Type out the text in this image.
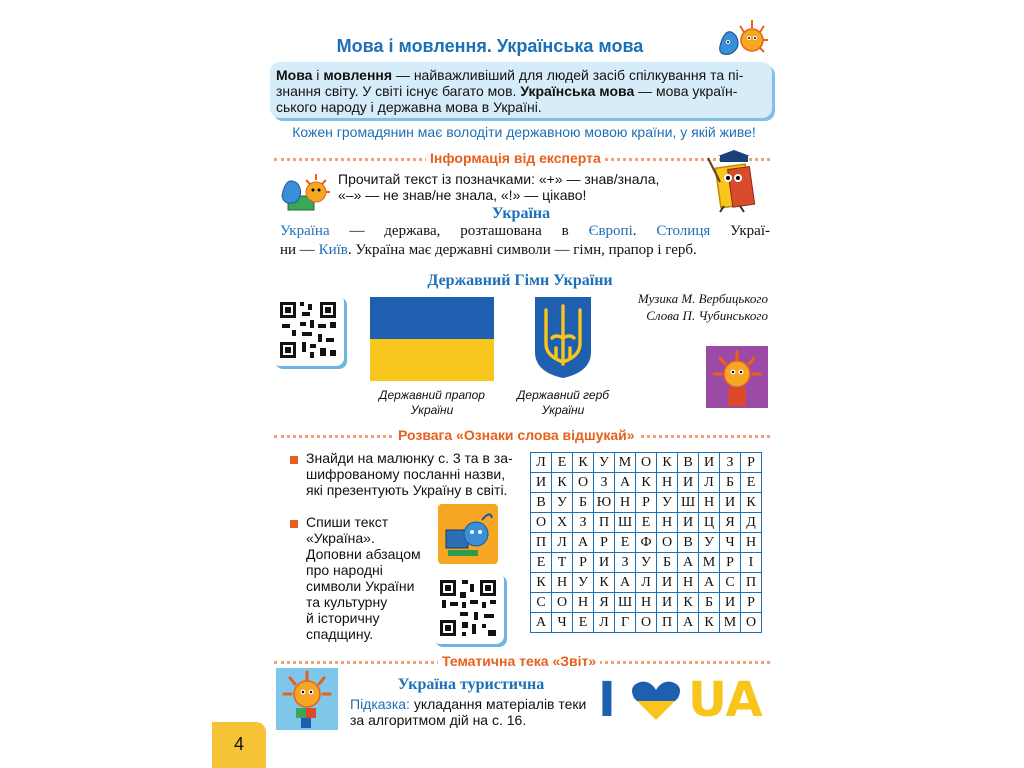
Мова і мовлення. Українська мова
Мова і мовлення — найважливіший для людей засіб спілкування та пі-
знання світу. У світі існує багато мов. Українська мова — мова україн-
ського народу і державна мова в Україні.
Кожен громадянин має володіти державною мовою країни, у якій живе!
Інформація від експерта
Прочитай текст із позначками: «+» — знав/знала,
«–» — не знав/не знала, «!» — цікаво!
Україна
Україна — держава, розташована в Європі. Столиця Украї-
ни — Київ. Україна має державні символи — гімн, прапор і герб.
Державний Гімн України
Музика М. Вербицького
Слова П. Чубинського
Державний прапор
України
Державний герб
України
Розвага «Ознаки слова відшукай»
Знайди на малюнку с. 3 та в за-
шифрованому посланні назви,
які презентують Україну в світі.
Спиши текст
«Україна».
Доповни абзацом
про народні
символи України
та культурну
й історичну
спадщину.
Л	Е	К	У	М	О	К	В	И	З	Р
И	К	О	З	А	К	Н	И	Л	Б	Е
В	У	Б	Ю	Н	Р	У	Ш	Н	И	К
О	Х	З	П	Ш	Е	Н	И	Ц	Я	Д
П	Л	А	Р	Е	Ф	О	В	У	Ч	Н
Е	Т	Р	И	З	У	Б	А	М	Р	І
К	Н	У	К	А	Л	И	Н	А	С	П
С	О	Н	Я	Ш	Н	И	К	Б	И	Р
А	Ч	Е	Л	Г	О	П	А	К	М	О
Тематична тека «Звіт»
Україна туристична
Підказка: укладання матеріалів теки
за алгоритмом дій на с. 16.	I UA
4
